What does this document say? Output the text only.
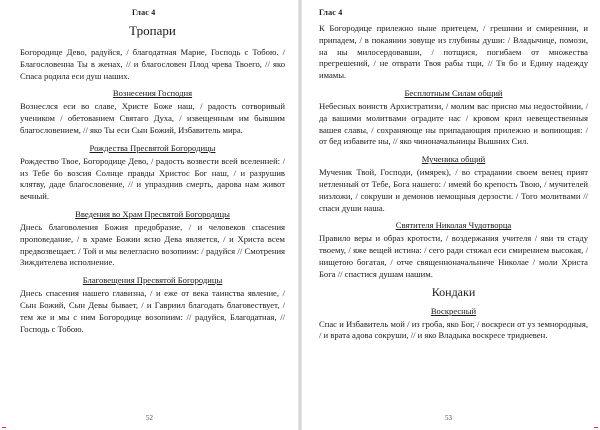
Глас 4
Тропари

Богородице Дево, радуйся, / благодатная Марие, Господь с Тобою. / Благословенна Ты в женах, // и благословен Плод чрева Твоего, // яко Спаса родила еси душ наших.

Вознесения Господня

Вознеслся еси во славе, Христе Боже наш, / радость сотворивый учеником / обетованием Святаго Духа, / извещенным им бывшим благословением, // яко Ты еси Сын Божий, Избавитель мира.

Рождества Пресвятой Богородицы

Рождество Твое, Богородице Дево, / радость возвести всей вселенней: / из Тебе бо возсия Солнце правды Христос Бог наш, / и разрушив клятву, даде благословение, // и упразднив смерть, дарова нам живот вечный.

Введения во Храм Пресвятой Богородицы

Днесь благоволения Божия предобразие, / и человеков спасения проповедание, / в храме Божии ясно Дева является, / и Христа всем предвозвещает. / Той и мы велегласно возопиим: / радуйся // Смотрения Зиждителева исполнение.

Благовещения Пресвятой Богородицы

Днесь спасения нашего главизна, / и еже от века таинства явление, / Сын Божий, Сын Девы бывает, / и Гавриил благодать благовествует, / тем же и мы с ним Богородице возопиим: // радуйся, Благодатная, // Господь с Тобою.

52
Глас 4

К Богородице прилежно ныне притецем, / грешнии и смиреннии, и припадем, / в покаянии зовуще из глубины души: / Владычице, помози, на ны милосердовавши, / потщися, погибаем от множества прегрешений, / не отврати Твоя рабы тщи, // Тя бо и Едину надежду имамы.

Бесплотным Силам общий

Небесных воинств Архистратизи, / молим вас присно мы недостойнии, / да вашими молитвами оградите нас / кровом крил невещественныя вашея славы, / сохраняюще ны припадающия прилежно и вопиющия: / от бед избавите ны, // яко чиноначальницы Вышних Сил.

Мученика общий

Мученик Твой, Господи, (имярек), / во страдании своем венец прият нетленный от Тебе, Бога нашего: / имеяй бо крепость Твою, / мучителей низложи, / сокруши и демонов немощныя дерзости. / Того молитвами // спаси души наша.

Святителя Николая Чудотворца

Правило веры и образ кротости, / воздержания учителя / яви тя стаду твоему, / яже вещей истина: / сего ради стяжал еси смирением высокая, / нищетою богатая, / отче священноначальниче Николае / моли Христа Бога // спастися душам нашим.

Кондаки
Воскресный

Спас и Избавитель мой / из гроба, яко Бог, / воскреси от уз земнородныя, / и врата адова сокруши, // и яко Владыка воскресе тридневен.

53
